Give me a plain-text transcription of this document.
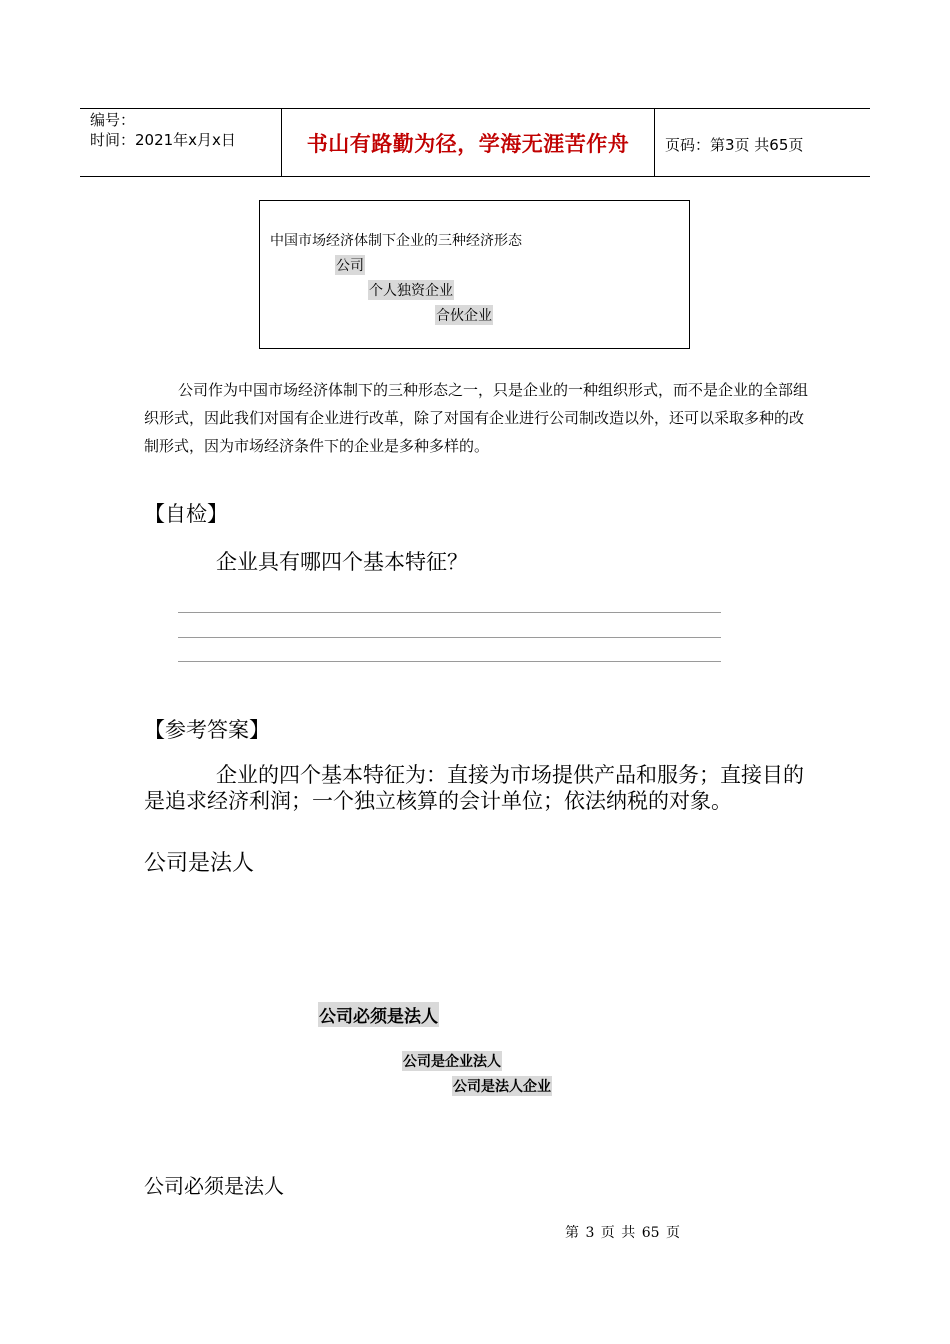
编号：
时间：2021年x月x日	书山有路勤为径，学海无涯苦作舟	页码：第3页 共65页
中国市场经济体制下企业的三种经济形态
公司
个人独资企业
合伙企业
公司作为中国市场经济体制下的三种形态之一，只是企业的一种组织形式，而不是企业的全部组织形式，因此我们对国有企业进行改革，除了对国有企业进行公司制改造以外，还可以采取多种的改制形式，因为市场经济条件下的企业是多种多样的。
【自检】
企业具有哪四个基本特征？
【参考答案】
企业的四个基本特征为：直接为市场提供产品和服务；直接目的是追求经济利润；一个独立核算的会计单位；依法纳税的对象。
公司是法人
公司必须是法人
公司是企业法人
公司是法人企业
公司必须是法人
第 3 页 共 65 页
